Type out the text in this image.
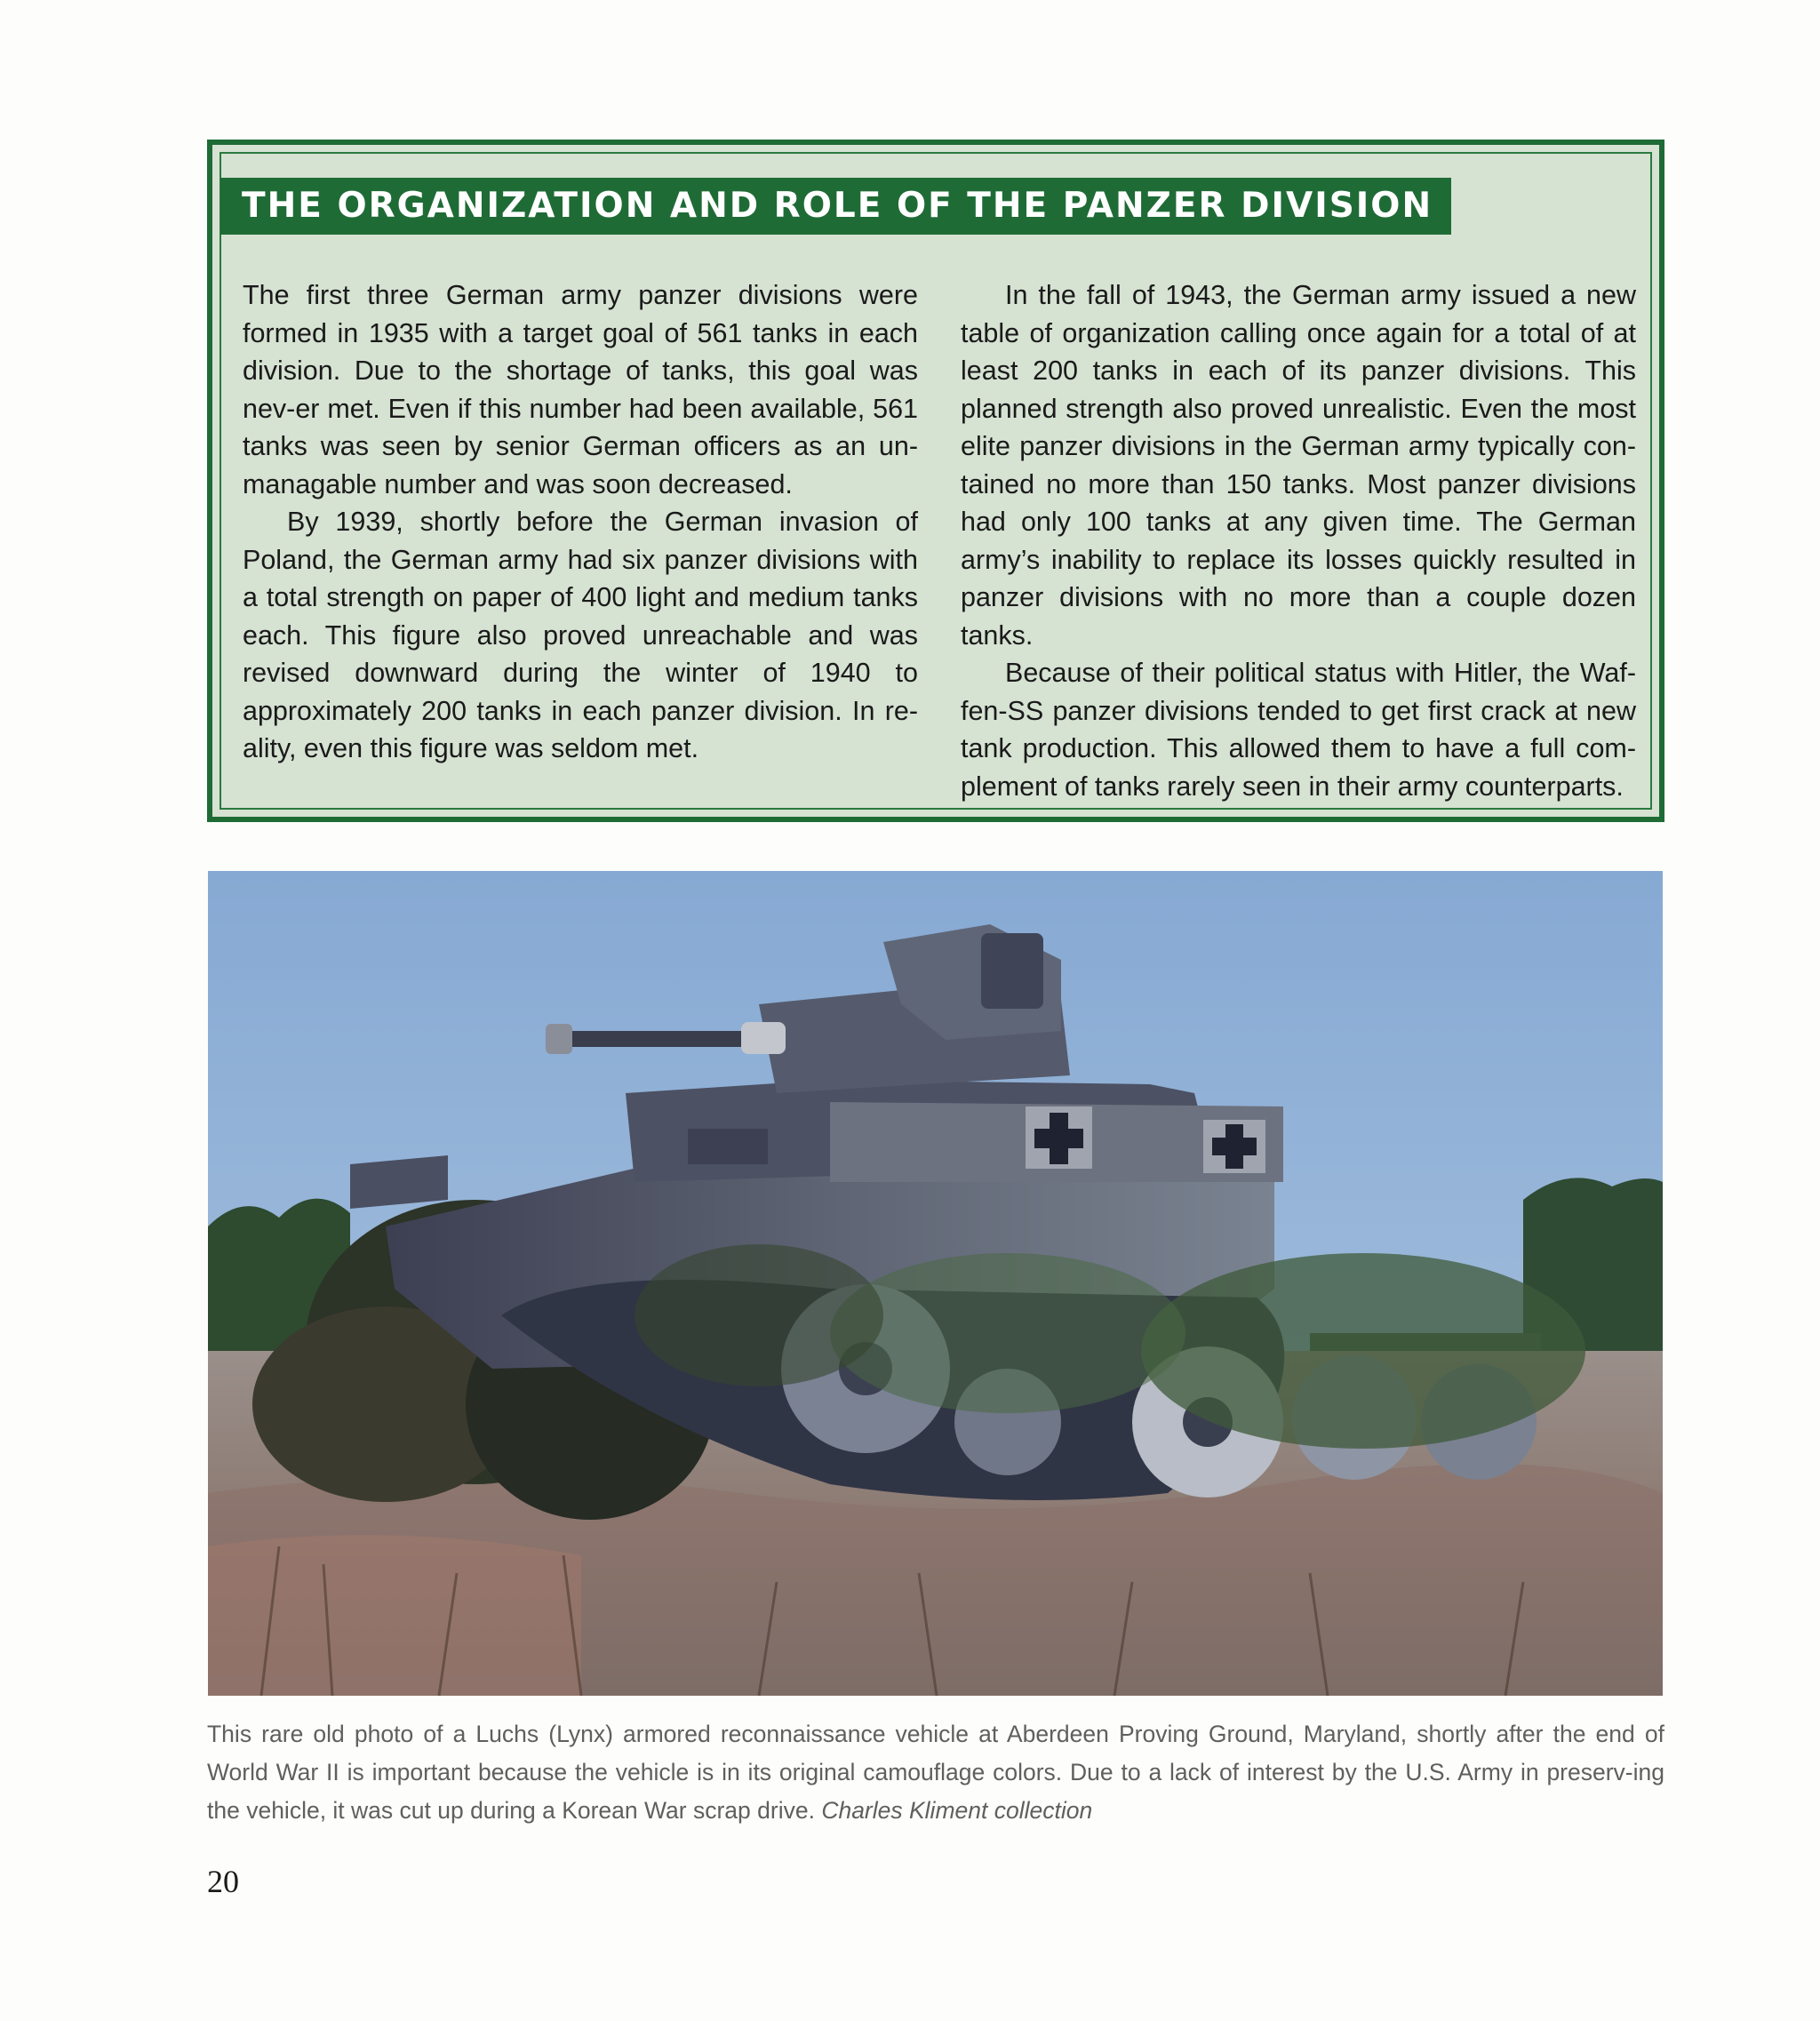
THE ORGANIZATION AND ROLE OF THE PANZER DIVISION

The first three German army panzer divisions were formed in 1935 with a target goal of 561 tanks in each division. Due to the shortage of tanks, this goal was nev-er met. Even if this number had been available, 561 tanks was seen by senior German officers as an un-managable number and was soon decreased.

By 1939, shortly before the German invasion of Poland, the German army had six panzer divisions with a total strength on paper of 400 light and medium tanks each. This figure also proved unreachable and was revised downward during the winter of 1940 to approximately 200 tanks in each panzer division. In re-ality, even this figure was seldom met.

In the fall of 1943, the German army issued a new table of organization calling once again for a total of at least 200 tanks in each of its panzer divisions. This planned strength also proved unrealistic. Even the most elite panzer divisions in the German army typically con-tained no more than 150 tanks. Most panzer divisions had only 100 tanks at any given time. The German army’s inability to replace its losses quickly resulted in panzer divisions with no more than a couple dozen tanks.

Because of their political status with Hitler, the Waf-fen-SS panzer divisions tended to get first crack at new tank production. This allowed them to have a full com-plement of tanks rarely seen in their army counterparts.

This rare old photo of a Luchs (Lynx) armored reconnaissance vehicle at Aberdeen Proving Ground, Maryland, shortly after the end of World War II is important because the vehicle is in its original camouflage colors. Due to a lack of interest by the U.S. Army in preserv-ing the vehicle, it was cut up during a Korean War scrap drive. Charles Kliment collection

20
